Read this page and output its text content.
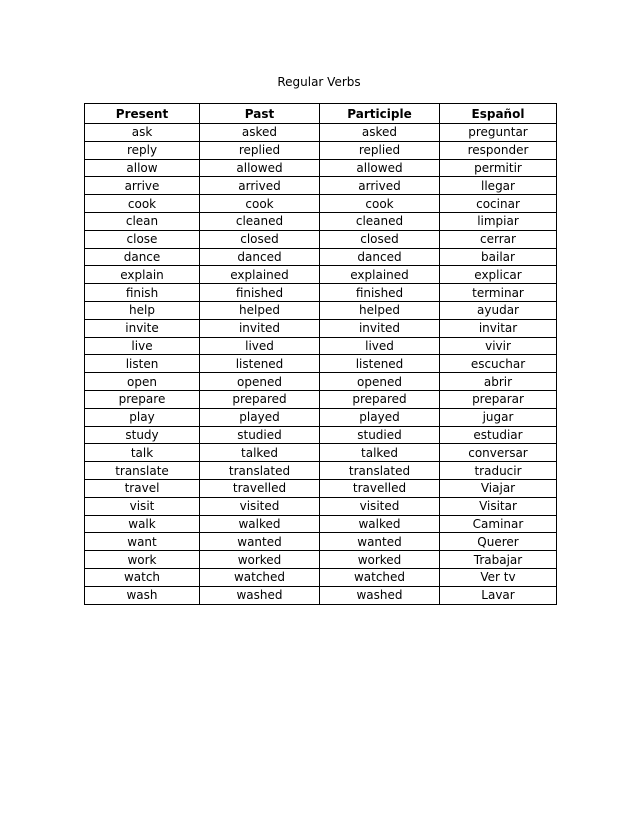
Regular Verbs
Present	Past	Participle	Español
ask	asked	asked	preguntar
reply	replied	replied	responder
allow	allowed	allowed	permitir
arrive	arrived	arrived	llegar
cook	cook	cook	cocinar
clean	cleaned	cleaned	limpiar
close	closed	closed	cerrar
dance	danced	danced	bailar
explain	explained	explained	explicar
finish	finished	finished	terminar
help	helped	helped	ayudar
invite	invited	invited	invitar
live	lived	lived	vivir
listen	listened	listened	escuchar
open	opened	opened	abrir
prepare	prepared	prepared	preparar
play	played	played	jugar
study	studied	studied	estudiar
talk	talked	talked	conversar
translate	translated	translated	traducir
travel	travelled	travelled	Viajar
visit	visited	visited	Visitar
walk	walked	walked	Caminar
want	wanted	wanted	Querer
work	worked	worked	Trabajar
watch	watched	watched	Ver tv
wash	washed	washed	Lavar
